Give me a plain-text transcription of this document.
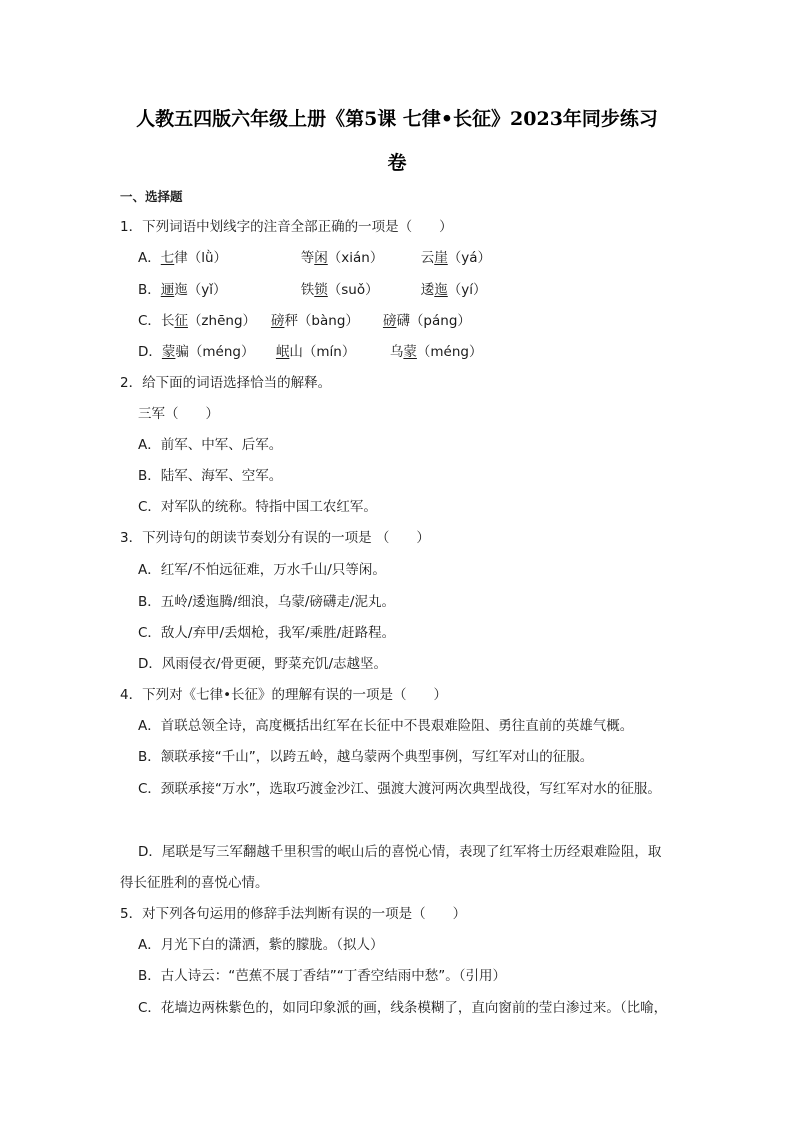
人教五四版六年级上册《第5课 七律•长征》2023年同步练习
卷
一、选择题
1．下列词语中划线字的注音全部正确的一项是（　　）
A． 七律（lǜ）	等闲（xián）	云崖（yá）
B． 逦迤（yǐ）	铁锁（suǒ）	逶迤（yí）
C． 长征（zhēng）	磅秤（bàng）	磅礴（páng）
D． 蒙骗（méng）	岷山（mín）	乌蒙（méng）
2．给下面的词语选择恰当的解释。
三军（　　）
A．前军、中军、后军。
B．陆军、海军、空军。
C．对军队的统称。特指中国工农红军。
3．下列诗句的朗读节奏划分有误的一项是 （　　）
A．红军/不怕远征难，万水千山/只等闲。
B．五岭/逶迤腾/细浪，乌蒙/磅礴走/泥丸。
C．敌人/弃甲/丢烟枪，我军/乘胜/赶路程。
D．风雨侵衣/骨更硬，野菜充饥/志越坚。
4．下列对《七律•长征》的理解有误的一项是（　　）
A．首联总领全诗，高度概括出红军在长征中不畏艰难险阻、勇往直前的英雄气概。
B．颔联承接“千山”，以跨五岭，越乌蒙两个典型事例，写红军对山的征服。
C．颈联承接“万水”，选取巧渡金沙江、强渡大渡河两次典型战役，写红军对水的征服。
D．尾联是写三军翻越千里积雪的岷山后的喜悦心情，表现了红军将士历经艰难险阻，取
得长征胜利的喜悦心情。
5．对下列各句运用的修辞手法判断有误的一项是（　　）
A．月光下白的潇洒，紫的朦胧。（拟人）
B．古人诗云：“芭蕉不展丁香结”“丁香空结雨中愁”。（引用）
C．花墙边两株紫色的，如同印象派的画，线条模糊了，直向窗前的莹白渗过来。（比喻，
